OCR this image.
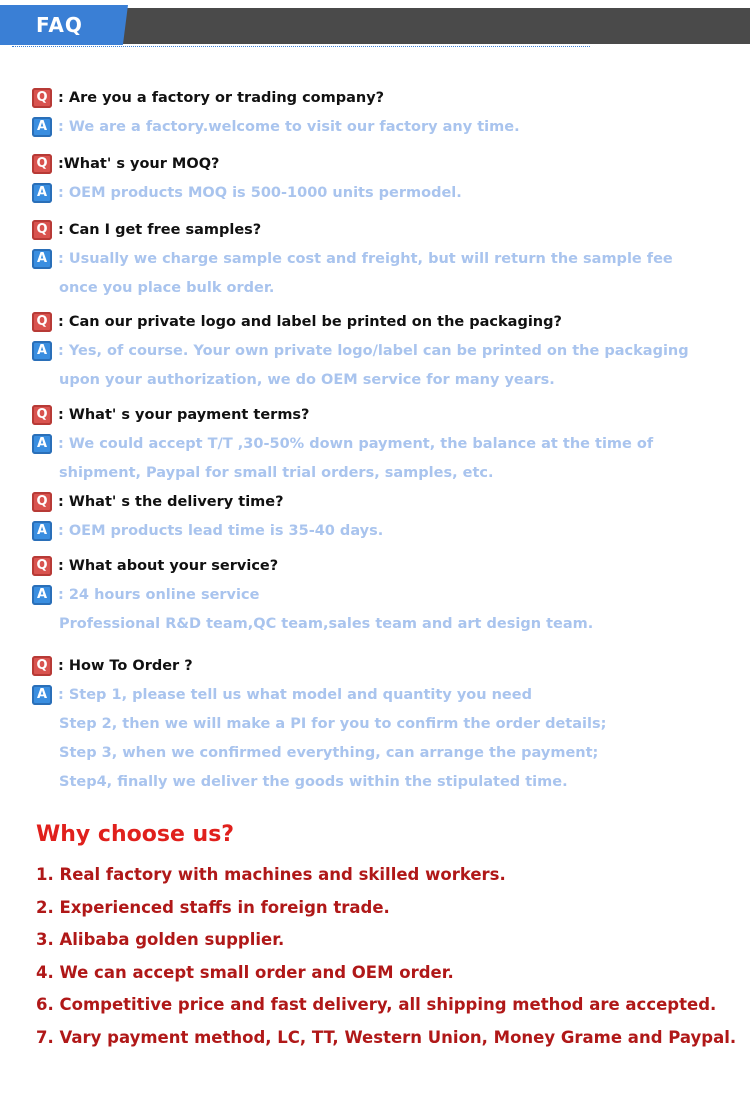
FAQ
Q : Are you a factory or trading company?
A : We are a factory.welcome to visit our factory any time.
Q :What' s your MOQ?
A : OEM products MOQ is 500-1000 units permodel.
Q : Can I get free samples?
A : Usually we charge sample cost and freight, but will return the sample fee
once you place bulk order.
Q : Can our private logo and label be printed on the packaging?
A : Yes, of course. Your own private logo/label can be printed on the packaging
upon your authorization, we do OEM service for many years.
Q : What' s your payment terms?
A : We could accept T/T ,30-50% down payment, the balance at the time of
shipment, Paypal for small trial orders, samples, etc.
Q : What' s the delivery time?
A : OEM products lead time is 35-40 days.
Q : What about your service?
A : 24 hours online service
Professional R&D team,QC team,sales team and art design team.
Q : How To Order ?
A : Step 1, please tell us what model and quantity you need
Step 2, then we will make a PI for you to confirm the order details;
Step 3, when we confirmed everything, can arrange the payment;
Step4, finally we deliver the goods within the stipulated time.
Why choose us?
1. Real factory with machines and skilled workers.
2. Experienced staffs in foreign trade.
3. Alibaba golden supplier.
4. We can accept small order and OEM order.
6. Competitive price and fast delivery, all shipping method are accepted.
7. Vary payment method, LC, TT, Western Union, Money Grame and Paypal.
